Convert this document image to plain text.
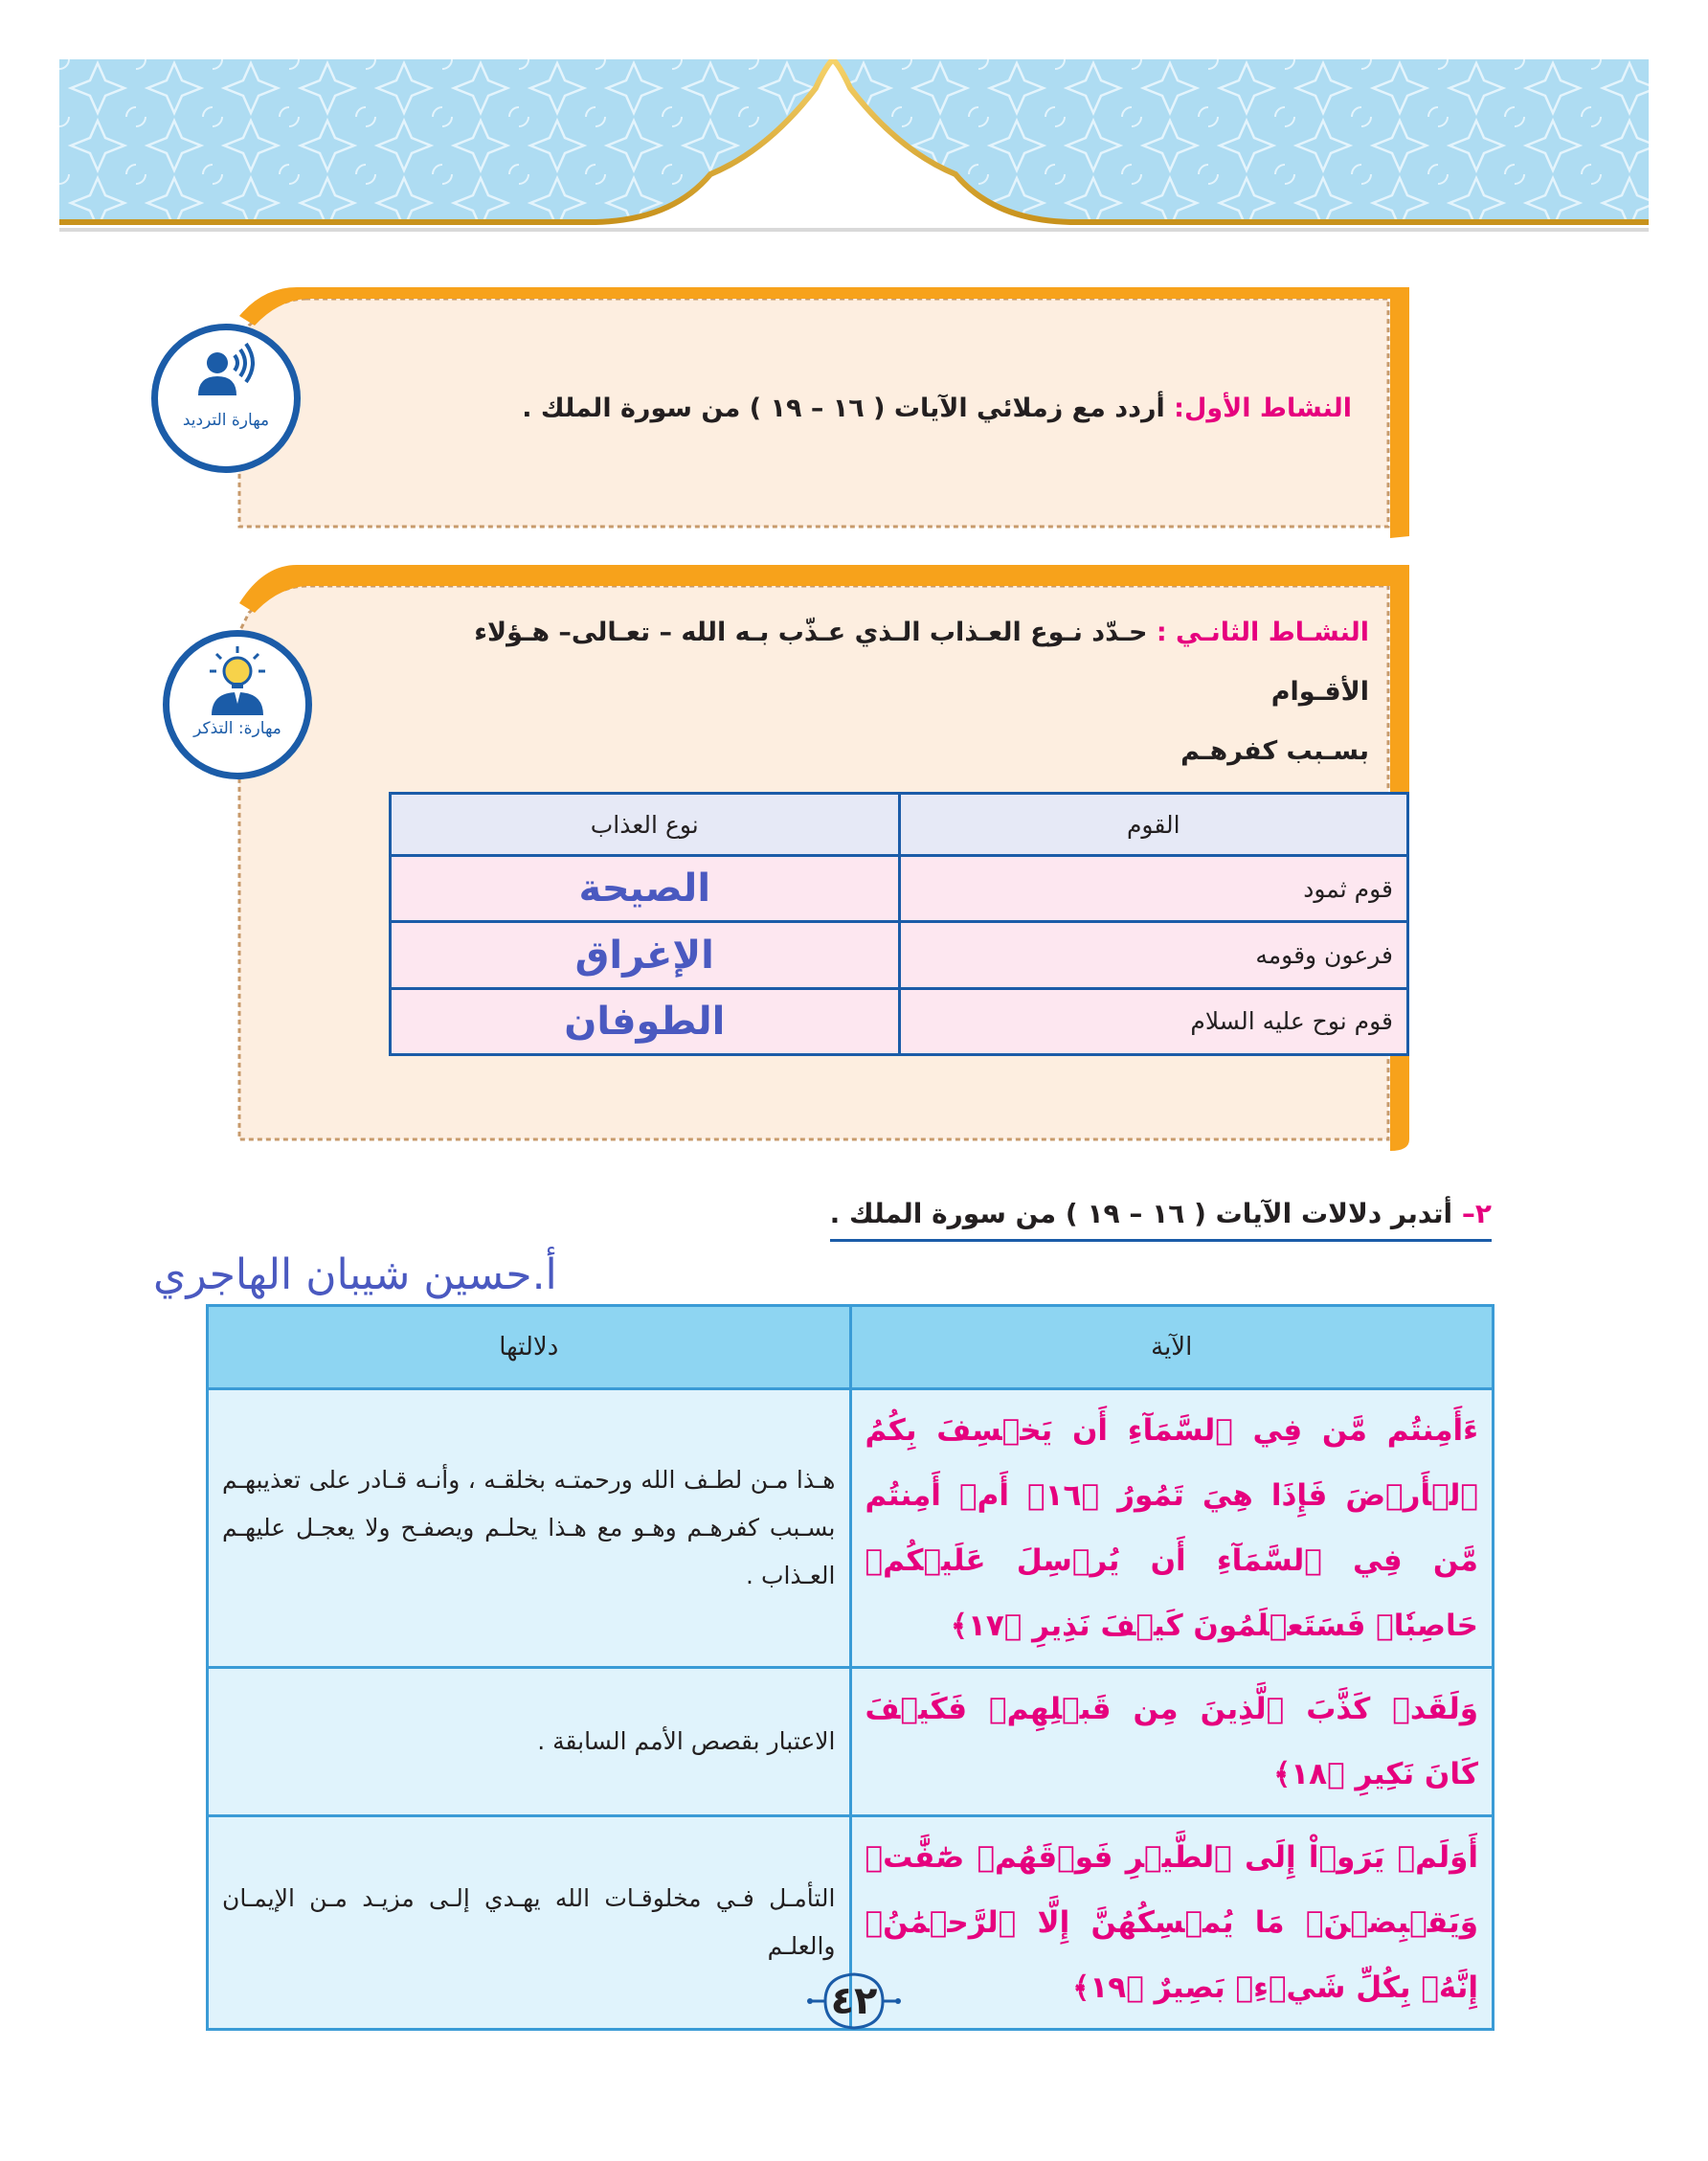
النشاط الأول: أردد مع زملائي الآيات ( ١٦ – ١٩ ) من سورة الملك .
مهارة الترديد
النشـاط الثانـي : حـدّد نـوع العـذاب الـذي عـذّب بـه الله – تعـالى– هـؤلاء الأقـوام
بسـبب كفرهـم
مهارة: التذكر
القوم	نوع العذاب
قوم ثمود	الصيحة
فرعون وقومه	الإغراق
قوم نوح عليه السلام	الطوفان
٢– أتدبر دلالات الآيات ( ١٦ – ١٩ ) من سورة الملك .
أ.حسين شيبان الهاجري
الآية	دلالتها
ءَأَمِنتُم مَّن فِي ٱلسَّمَآءِ أَن يَخۡسِفَ بِكُمُ ٱلۡأَرۡضَ فَإِذَا هِيَ تَمُورُ ﴿١٦﴾ أَمۡ أَمِنتُم مَّن فِي ٱلسَّمَآءِ أَن يُرۡسِلَ عَلَيۡكُمۡ حَاصِبٗاۖ فَسَتَعۡلَمُونَ كَيۡفَ نَذِيرِ ﴿١٧﴾	هـذا مـن لطـف الله ورحمتـه بخلقـه ، وأنـه قـادر على تعذيبهـم بسـبب كفرهـم وهـو مع هـذا يحلـم ويصفـح ولا يعجـل عليهـم العـذاب .
وَلَقَدۡ كَذَّبَ ٱلَّذِينَ مِن قَبۡلِهِمۡ فَكَيۡفَ كَانَ نَكِيرِ ﴿١٨﴾	الاعتبار بقصص الأمم السابقة .
أَوَلَمۡ يَرَوۡاْ إِلَى ٱلطَّيۡرِ فَوۡقَهُمۡ صَٰٓفَّٰتٖ وَيَقۡبِضۡنَۚ مَا يُمۡسِكُهُنَّ إِلَّا ٱلرَّحۡمَٰنُۚ إِنَّهُۥ بِكُلِّ شَيۡءِۭ بَصِيرٌ ﴿١٩﴾	التأمـل فـي مخلوقـات الله يهـدي إلـى مزيـد مـن الإيمـان والعلـم
٤٢
